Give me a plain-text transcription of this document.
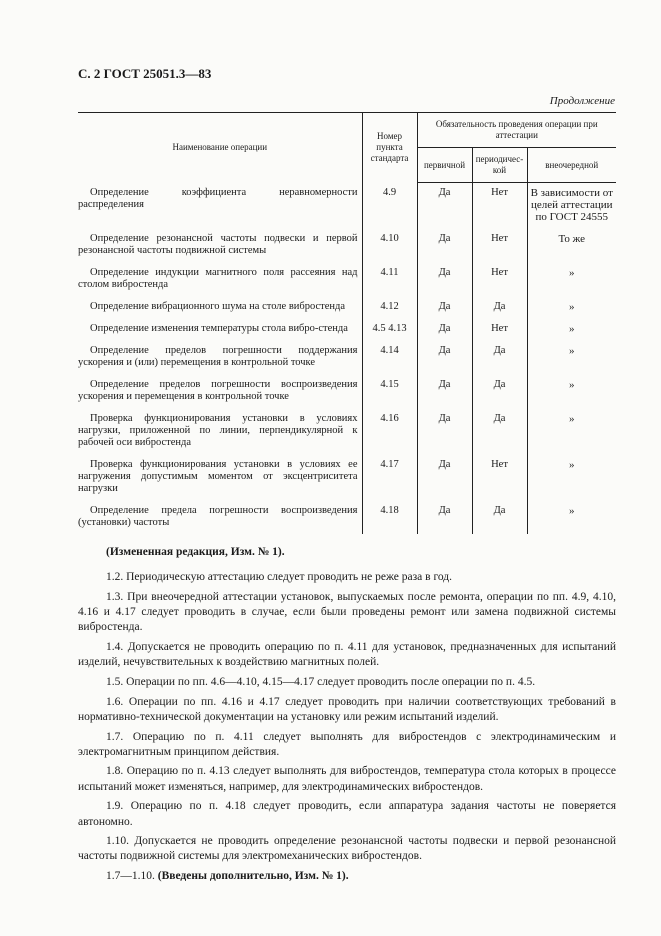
С. 2 ГОСТ 25051.3—83
Продолжение
Наименование операции	Номер пункта стандарта	Обязательность проведения операции при аттестации		
		первичной	периодичес-кой	внеочередной
Определение коэффициента неравномерности распределения	4.9	Да	Нет	В зависимости от целей аттестации по ГОСТ 24555
Определение резонансной частоты подвески и первой резонансной частоты подвижной системы	4.10	Да	Нет	То же
Определение индукции магнитного поля рассеяния над столом вибростенда	4.11	Да	Нет	»
Определение вибрационного шума на столе вибростенда	4.12	Да	Да	»
Определение изменения температуры стола вибро-стенда	4.5 4.13	Да	Нет	»
Определение пределов погрешности поддержания ускорения и (или) перемещения в контрольной точке	4.14	Да	Да	»
Определение пределов погрешности воспроизведения ускорения и перемещения в контрольной точке	4.15	Да	Да	»
Проверка функционирования установки в условиях нагрузки, приложенной по линии, перпендикулярной к рабочей оси вибростенда	4.16	Да	Да	»
Проверка функционирования установки в условиях ее нагружения допустимым моментом от эксцентриситета нагрузки	4.17	Да	Нет	»
Определение предела погрешности воспроизведения (установки) частоты	4.18	Да	Да	»

(Измененная редакция, Изм. № 1).

1.2. Периодическую аттестацию следует проводить не реже раза в год.

1.3. При внеочередной аттестации установок, выпускаемых после ремонта, операции по пп. 4.9, 4.10, 4.16 и 4.17 следует проводить в случае, если были проведены ремонт или замена подвижной системы вибростенда.

1.4. Допускается не проводить операцию по п. 4.11 для установок, предназначенных для испытаний изделий, нечувствительных к воздействию магнитных полей.

1.5. Операции по пп. 4.6—4.10, 4.15—4.17 следует проводить после операции по п. 4.5.

1.6. Операции по пп. 4.16 и 4.17 следует проводить при наличии соответствующих требований в нормативно-технической документации на установку или режим испытаний изделий.

1.7. Операцию по п. 4.11 следует выполнять для вибростендов с электродинамическим и электромагнитным принципом действия.

1.8. Операцию по п. 4.13 следует выполнять для вибростендов, температура стола которых в процессе испытаний может изменяться, например, для электродинамических вибростендов.

1.9. Операцию по п. 4.18 следует проводить, если аппаратура задания частоты не поверяется автономно.

1.10. Допускается не проводить определение резонансной частоты подвески и первой резонансной частоты подвижной системы для электромеханических вибростендов.

1.7—1.10. (Введены дополнительно, Изм. № 1).
